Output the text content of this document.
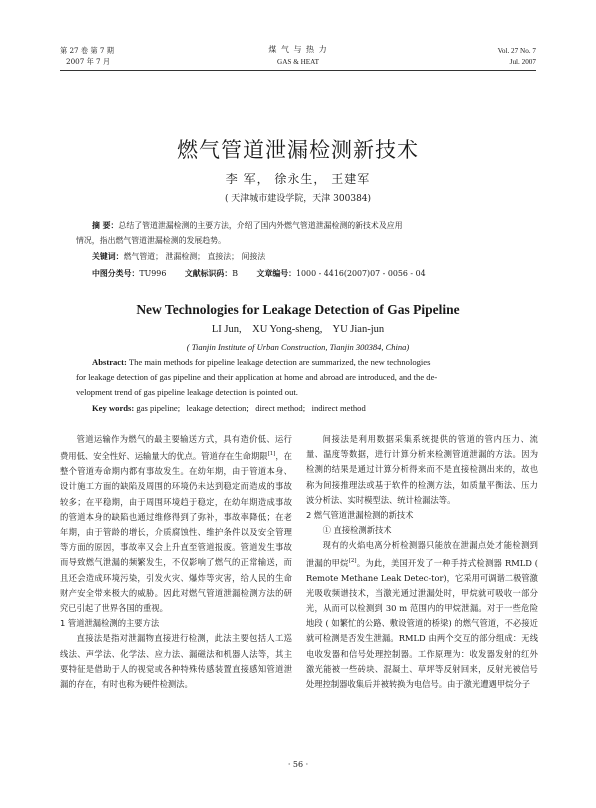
第 27 卷 第 7 期
2007 年 7 月
煤 气 与 热 力
GAS & HEAT
Vol. 27 No. 7
Jul. 2007
燃气管道泄漏检测新技术
李 军， 徐永生， 王建军
( 天津城市建设学院，天津 300384)
摘 要：总结了管道泄漏检测的主要方法，介绍了国内外燃气管道泄漏检测的新技术及应用
情况，指出燃气管道泄漏检测的发展趋势。
关键词：燃气管道； 泄漏检测； 直接法； 间接法
中图分类号：TU996 文献标识码：B 文章编号：1000 - 4416(2007)07 - 0056 - 04
New Technologies for Leakage Detection of Gas Pipeline
LI Jun,    XU Yong-sheng,    YU Jian-jun
( Tianjin Institute of Urban Construction, Tianjin 300384, China)
Abstract: The main methods for pipeline leakage detection are summarized, the new technologies
for leakage detection of gas pipeline and their application at home and abroad are introduced, and the de-
velopment trend of gas pipeline leakage detection is pointed out.
Key words: gas pipeline;   leakage detection;   direct method;   indirect method

管道运输作为燃气的最主要输送方式，具有造价低、运行费用低、安全性好、运输量大的优点。管道存在生命期限[1]，在整个管道寿命期内都有事故发生。在幼年期，由于管道本身、设计施工方面的缺陷及周围的环境仍未达到稳定而造成的事故较多；在平稳期，由于周围环境趋于稳定，在幼年期造成事故的管道本身的缺陷也通过维修得到了弥补，事故率降低；在老年期，由于管龄的增长，介质腐蚀性、维护条件以及安全管理等方面的原因，事故率又会上升直至管道报废。管道发生事故而导致燃气泄漏的频繁发生，不仅影响了燃气的正常输送，而且还会造成环境污染，引发火灾、爆炸等灾害，给人民的生命财产安全带来极大的威胁。因此对燃气管道泄漏检测方法的研究已引起了世界各国的重视。

1 管道泄漏检测的主要方法

直接法是指对泄漏物直接进行检测，此法主要包括人工巡线法、声学法、化学法、应力法、漏磁法和机器人法等，其主要特征是借助于人的视觉或各种特殊传感装置直接感知管道泄漏的存在，有时也称为硬件检测法。

间接法是利用数据采集系统提供的管道的管内压力、流量、温度等数据，进行计算分析来检测管道泄漏的方法。因为检测的结果是通过计算分析得来而不是直接检测出来的，故也称为间接推理法或基于软件的检测方法，如质量平衡法、压力波分析法、实时模型法、统计检漏法等。

2 燃气管道泄漏检测的新技术

① 直接检测新技术

现有的火焰电离分析检测器只能放在泄漏点处才能检测到泄漏的甲烷[2]。为此，美国开发了一种手持式检测器 RMLD ( Remote Methane Leak Detec-tor)，它采用可调谐二极管激光吸收频谱技术，当激光通过泄漏处时，甲烷就可吸收一部分光，从而可以检测到 30 m 范围内的甲烷泄漏。对于一些危险地段 ( 如繁忙的公路、敷设管道的桥梁) 的燃气管道，不必接近就可检测是否发生泄漏。RMLD 由两个交互的部分组成：无线电收发器和信号处理控制器。工作原理为：收发器发射的红外激光能被一些砖块、混凝土、草坪等反射回来，反射光被信号处理控制器收集后并被转换为电信号。由于激光遭遇甲烷分子

· 56 ·
